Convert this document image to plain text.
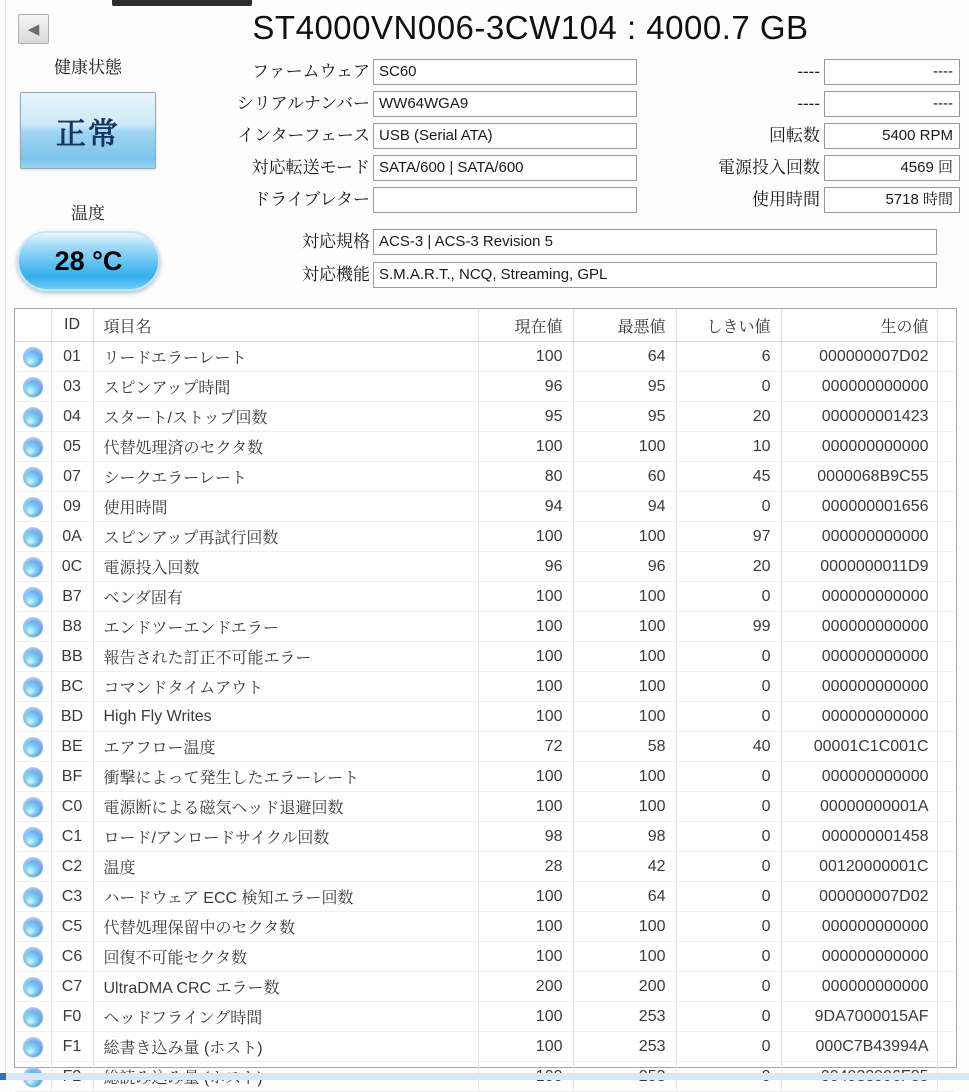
◀	ST4000VN006-3CW104 : 4000.7 GB
健康状態
正常
温度
28 °C
ファームウェア SC60
シリアルナンバー WW64WGA9
インターフェース USB (Serial ATA)
対応転送モード SATA/600 | SATA/600
ドライブレター
対応規格 ACS-3 | ACS-3 Revision 5
対応機能 S.M.A.R.T., NCQ, Streaming, GPL
----	----
----	----
回転数	5400 RPM
電源投入回数	4569 回
使用時間	5718 時間
	ID	項目名	現在値	最悪値	しきい値	生の値	

	01	リードエラーレート	100	64	6	000000007D02	

	03	スピンアップ時間	96	95	0	000000000000	

	04	スタート/ストップ回数	95	95	20	000000001423	

	05	代替処理済のセクタ数	100	100	10	000000000000	

	07	シークエラーレート	80	60	45	0000068B9C55	

	09	使用時間	94	94	0	000000001656	

	0A	スピンアップ再試行回数	100	100	97	000000000000	

	0C	電源投入回数	96	96	20	0000000011D9	

	B7	ベンダ固有	100	100	0	000000000000	

	B8	エンドツーエンドエラー	100	100	99	000000000000	

	BB	報告された訂正不可能エラー	100	100	0	000000000000	

	BC	コマンドタイムアウト	100	100	0	000000000000	

	BD	High Fly Writes	100	100	0	000000000000	

	BE	エアフロー温度	72	58	40	00001C1C001C	

	BF	衝撃によって発生したエラーレート	100	100	0	000000000000	

	C0	電源断による磁気ヘッド退避回数	100	100	0	00000000001A	

	C1	ロード/アンロードサイクル回数	98	98	0	000000001458	

	C2	温度	28	42	0	00120000001C	

	C3	ハードウェア ECC 検知エラー回数	100	64	0	000000007D02	

	C5	代替処理保留中のセクタ数	100	100	0	000000000000	

	C6	回復不可能セクタ数	100	100	0	000000000000	

	C7	UltraDMA CRC エラー数	200	200	0	000000000000	

	F0	ヘッドフライング時間	100	253	0	9DA7000015AF	

	F1	総書き込み量 (ホスト)	100	253	0	000C7B43994A	
